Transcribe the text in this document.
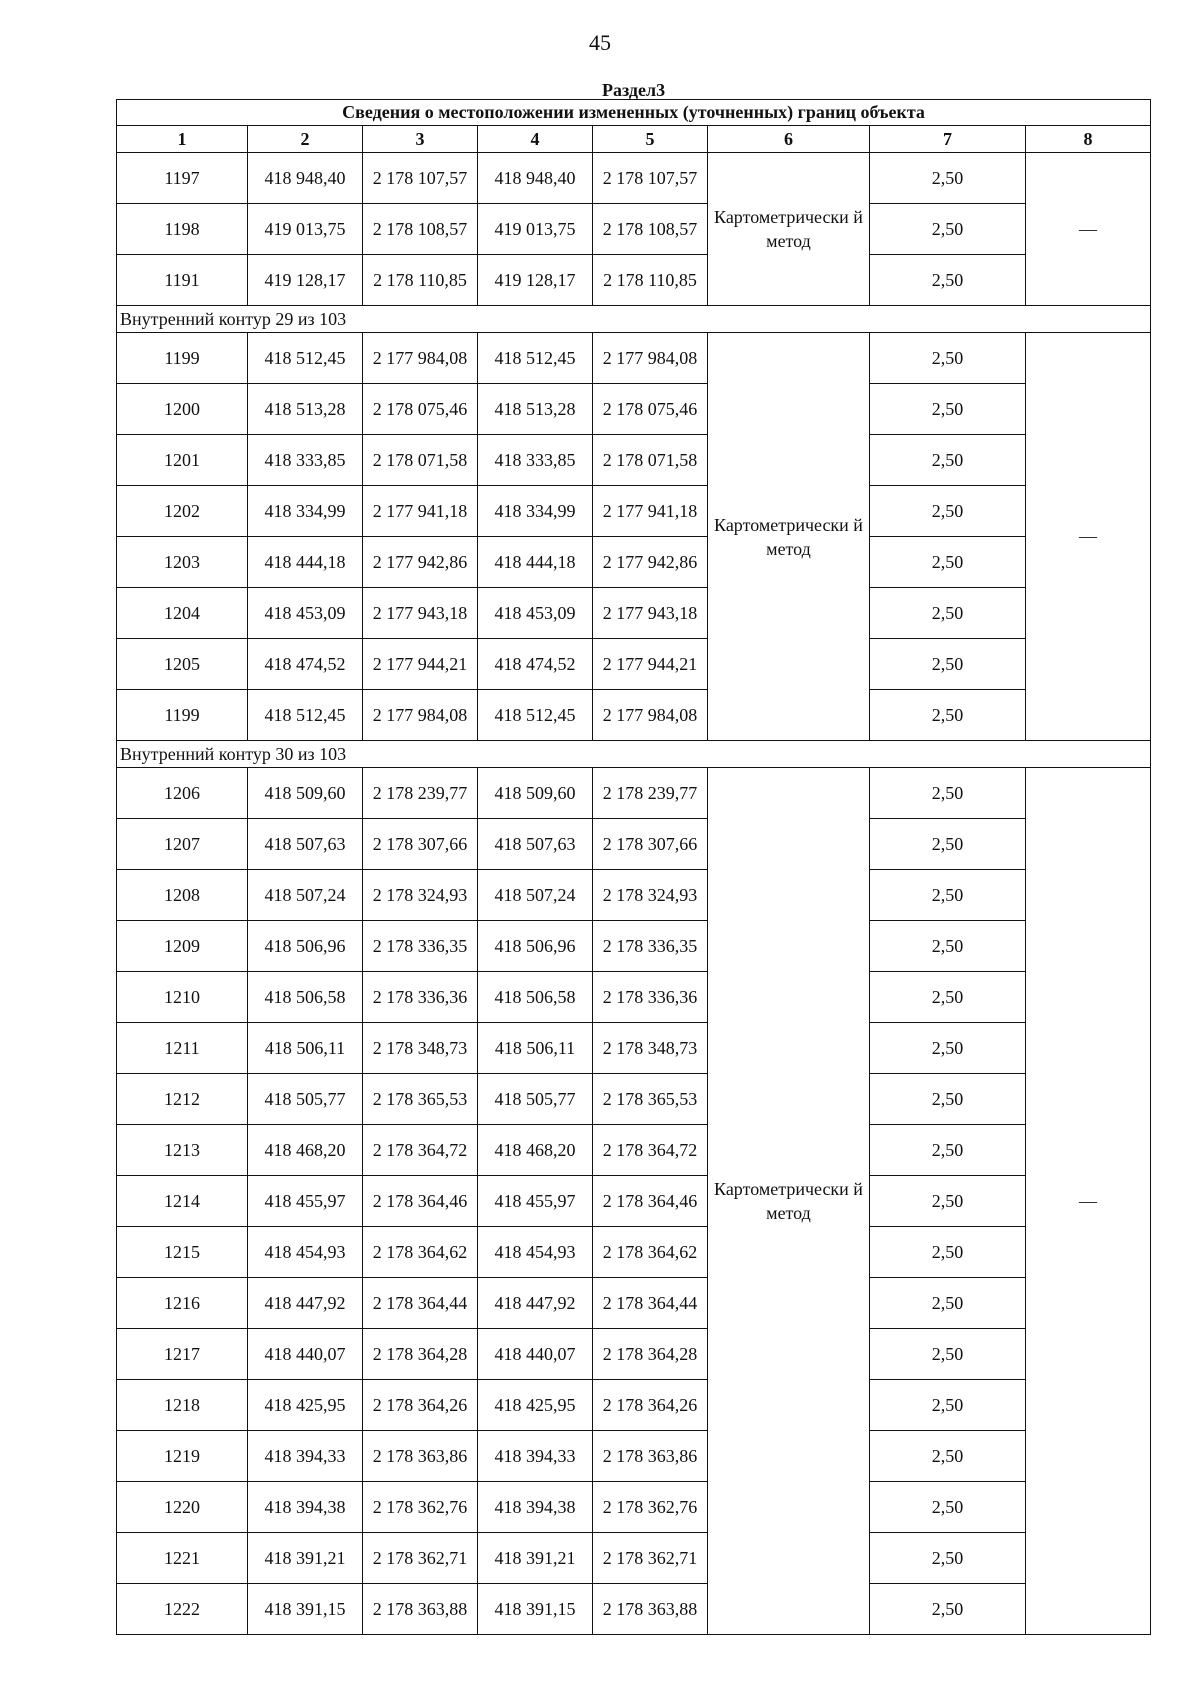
45
Раздел3							
Сведения о местоположении измененных (уточненных) границ объекта							
1	2	3	4	5	6	7	8
1197	418 948,40	2 178 107,57	418 948,40	2 178 107,57	Картометрически й метод	2,50	—
1198	419 013,75	2 178 108,57	419 013,75	2 178 108,57		2,50	
1191	419 128,17	2 178 110,85	419 128,17	2 178 110,85		2,50	
Внутренний контур 29 из 103							
1199	418 512,45	2 177 984,08	418 512,45	2 177 984,08	Картометрически й метод	2,50	—
1200	418 513,28	2 178 075,46	418 513,28	2 178 075,46		2,50	
1201	418 333,85	2 178 071,58	418 333,85	2 178 071,58		2,50	
1202	418 334,99	2 177 941,18	418 334,99	2 177 941,18		2,50	
1203	418 444,18	2 177 942,86	418 444,18	2 177 942,86		2,50	
1204	418 453,09	2 177 943,18	418 453,09	2 177 943,18		2,50	
1205	418 474,52	2 177 944,21	418 474,52	2 177 944,21		2,50	
1199	418 512,45	2 177 984,08	418 512,45	2 177 984,08		2,50	
Внутренний контур 30 из 103							
1206	418 509,60	2 178 239,77	418 509,60	2 178 239,77	Картометрически й метод	2,50	—
1207	418 507,63	2 178 307,66	418 507,63	2 178 307,66		2,50	
1208	418 507,24	2 178 324,93	418 507,24	2 178 324,93		2,50	
1209	418 506,96	2 178 336,35	418 506,96	2 178 336,35		2,50	
1210	418 506,58	2 178 336,36	418 506,58	2 178 336,36		2,50	
1211	418 506,11	2 178 348,73	418 506,11	2 178 348,73		2,50	
1212	418 505,77	2 178 365,53	418 505,77	2 178 365,53		2,50	
1213	418 468,20	2 178 364,72	418 468,20	2 178 364,72		2,50	
1214	418 455,97	2 178 364,46	418 455,97	2 178 364,46		2,50	
1215	418 454,93	2 178 364,62	418 454,93	2 178 364,62		2,50	
1216	418 447,92	2 178 364,44	418 447,92	2 178 364,44		2,50	
1217	418 440,07	2 178 364,28	418 440,07	2 178 364,28		2,50	
1218	418 425,95	2 178 364,26	418 425,95	2 178 364,26		2,50	
1219	418 394,33	2 178 363,86	418 394,33	2 178 363,86		2,50	
1220	418 394,38	2 178 362,76	418 394,38	2 178 362,76		2,50	
1221	418 391,21	2 178 362,71	418 391,21	2 178 362,71		2,50	
1222	418 391,15	2 178 363,88	418 391,15	2 178 363,88		2,50	
